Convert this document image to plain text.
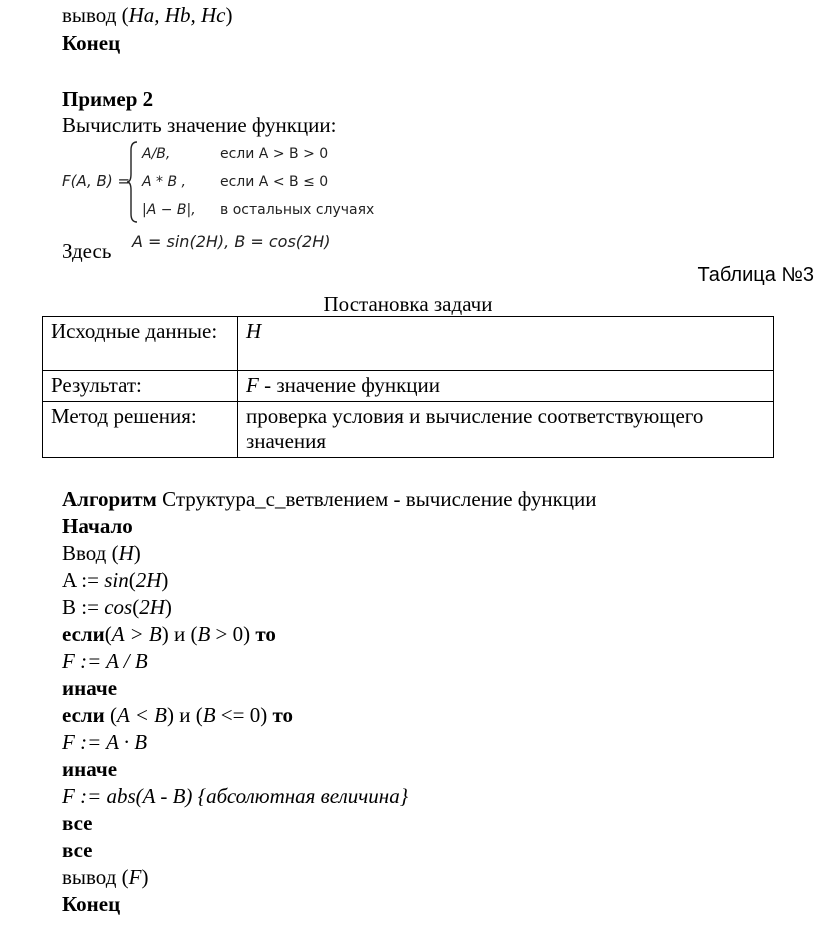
вывод (Ha, Hb, Hc)
Конец
Пример 2
Вычислить значение функции:
F(A, B) =
A/B,	если A > B > 0
A * B , если A < B ≤ 0
|A − B|, в остальных случаях
Здесь A = sin(2H), B = cos(2H)
Таблица №3
Постановка задачи
Исходные данные:	H
Результат:	F - значение функции
Метод решения:	проверка условия и вычисление соответствующего значения
Алгоритм Структура_с_ветвлением - вычисление функции
Начало
Ввод (H)
A := sin(2H)
B := cos(2H)
если(A > B) и (B > 0) то
F := A / B
иначе
если (A < B) и (B <= 0) то
F := A · B
иначе
F := abs(A - B) {абсолютная величина}
все
все
вывод (F)
Конец
